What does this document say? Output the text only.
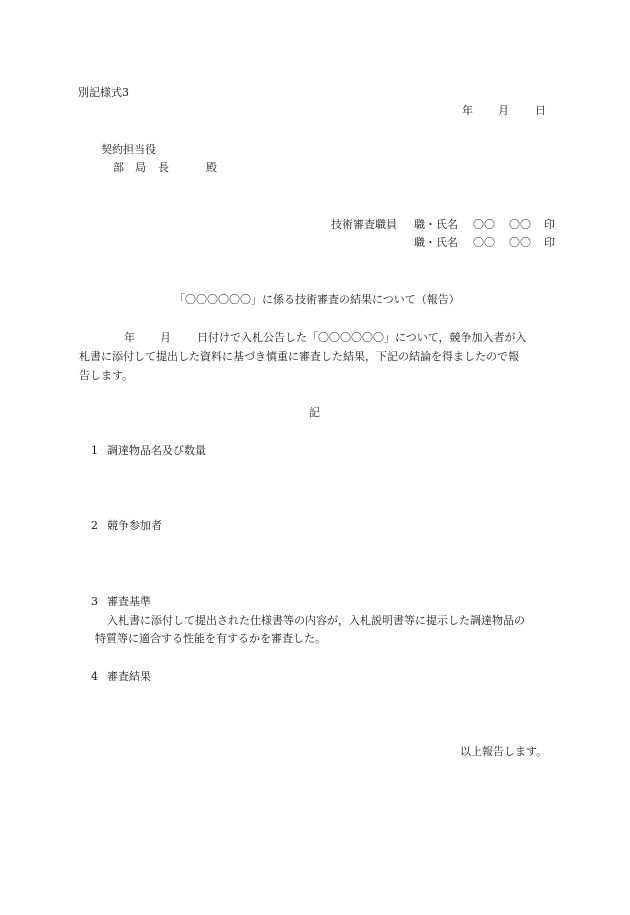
別記様式3
年 月 日
契約担当役
部 局 長	殿
技術審査職員 職・氏名 〇〇 〇〇 印
職・氏名 〇〇 〇〇 印
「〇〇〇〇〇〇」に係る技術審査の結果について（報告）
年 月 日付けで入札公告した「〇〇〇〇〇〇」について，競争加入者が入
札書に添付して提出した資料に基づき慎重に審査した結果，下記の結論を得ましたので報
告します。
記
1 調達物品名及び数量
2 競争参加者
3 審査基準
入札書に添付して提出された仕様書等の内容が，入札説明書等に提示した調達物品の
特質等に適合する性能を有するかを審査した。
4 審査結果
以上報告します。
